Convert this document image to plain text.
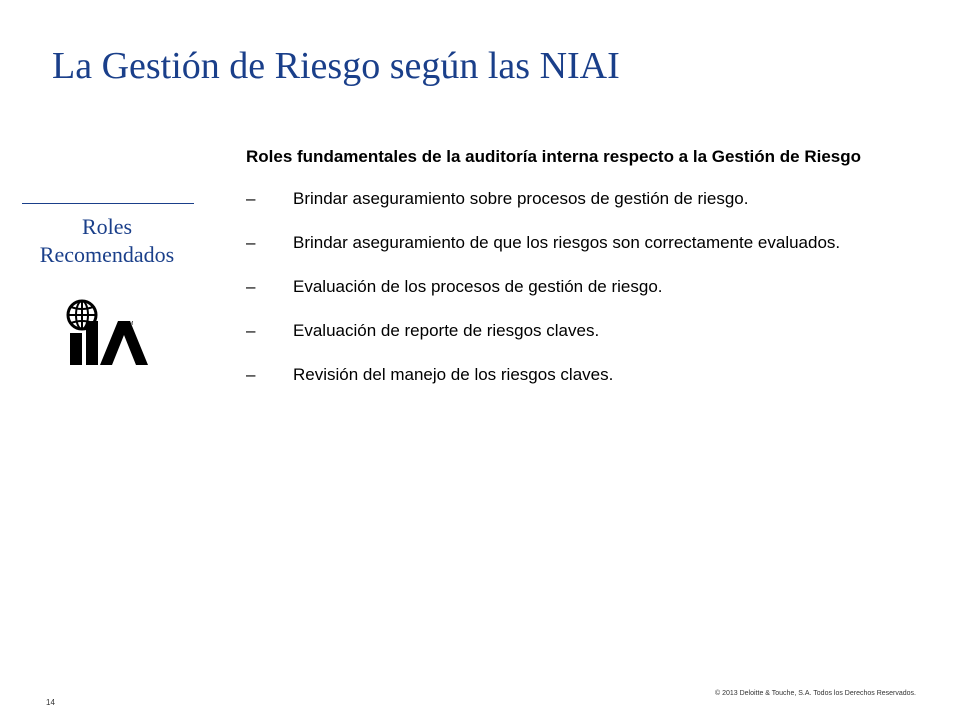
La Gestión de Riesgo según las NIAI
Roles
Recomendados
TM

Roles fundamentales de la auditoría interna respecto a la Gestión de Riesgo

–	Brindar aseguramiento sobre procesos de gestión de riesgo.
–	Brindar aseguramiento de que los riesgos son correctamente evaluados.
–	Evaluación de los procesos de gestión de riesgo.
–	Evaluación de reporte de riesgos claves.
–	Revisión del manejo de los riesgos claves.
14
© 2013 Deloitte & Touche, S.A. Todos los Derechos Reservados.
